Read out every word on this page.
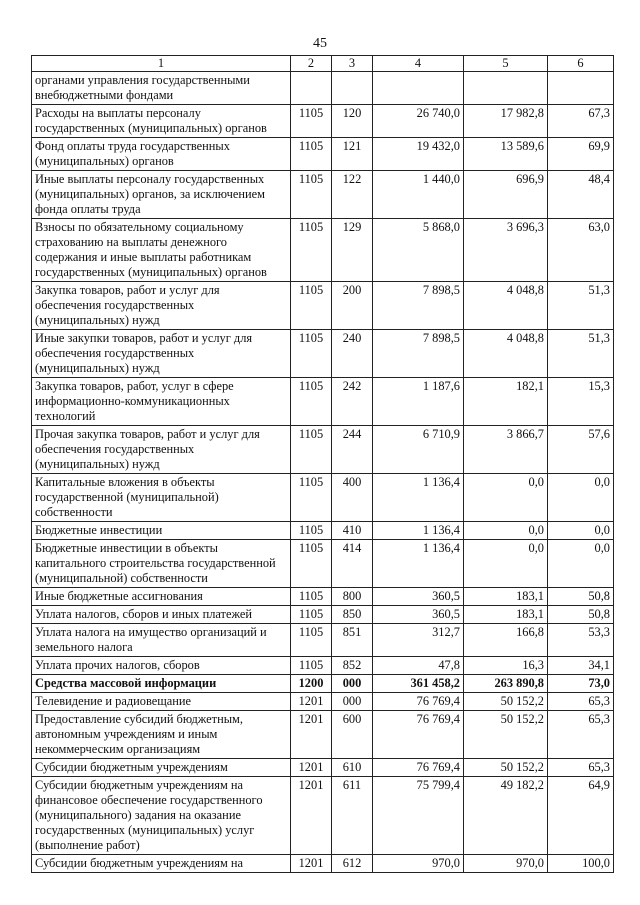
45
1	2	3	4	5	6
органами управления государственными внебюджетными фондами					
Расходы на выплаты персоналу государственных (муниципальных) органов	1105	120	26 740,0	17 982,8	67,3
Фонд оплаты труда государственных (муниципальных) органов	1105	121	19 432,0	13 589,6	69,9
Иные выплаты персоналу государственных (муниципальных) органов, за исключением фонда оплаты труда	1105	122	1 440,0	696,9	48,4
Взносы по обязательному социальному страхованию на выплаты денежного содержания и иные выплаты работникам государственных (муниципальных) органов	1105	129	5 868,0	3 696,3	63,0
Закупка товаров, работ и услуг для обеспечения государственных (муниципальных) нужд	1105	200	7 898,5	4 048,8	51,3
Иные закупки товаров, работ и услуг для обеспечения государственных (муниципальных) нужд	1105	240	7 898,5	4 048,8	51,3
Закупка товаров, работ, услуг в сфере информационно-коммуникационных технологий	1105	242	1 187,6	182,1	15,3
Прочая закупка товаров, работ и услуг для обеспечения государственных (муниципальных) нужд	1105	244	6 710,9	3 866,7	57,6
Капитальные вложения в объекты государственной (муниципальной) собственности	1105	400	1 136,4	0,0	0,0
Бюджетные инвестиции	1105	410	1 136,4	0,0	0,0
Бюджетные инвестиции в объекты капитального строительства государственной (муниципальной) собственности	1105	414	1 136,4	0,0	0,0
Иные бюджетные ассигнования	1105	800	360,5	183,1	50,8
Уплата налогов, сборов и иных платежей	1105	850	360,5	183,1	50,8
Уплата налога на имущество организаций и земельного налога	1105	851	312,7	166,8	53,3
Уплата прочих налогов, сборов	1105	852	47,8	16,3	34,1
Средства массовой информации	1200	000	361 458,2	263 890,8	73,0
Телевидение и радиовещание	1201	000	76 769,4	50 152,2	65,3
Предоставление субсидий бюджетным, автономным учреждениям и иным некоммерческим организациям	1201	600	76 769,4	50 152,2	65,3
Субсидии бюджетным учреждениям	1201	610	76 769,4	50 152,2	65,3
Субсидии бюджетным учреждениям на финансовое обеспечение государственного (муниципального) задания на оказание государственных (муниципальных) услуг (выполнение работ)	1201	611	75 799,4	49 182,2	64,9
Субсидии бюджетным учреждениям на	1201	612	970,0	970,0	100,0
